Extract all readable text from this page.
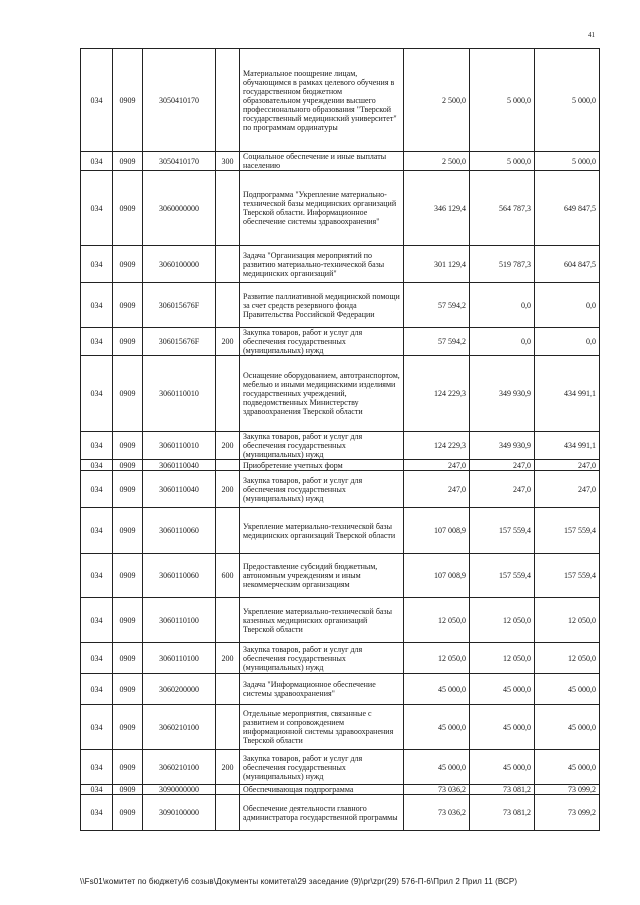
41
034	0909	3050410170		Материальное поощрение лицам, обучающимся в рамках целевого обучения в государственном бюджетном образовательном учреждении высшего профессионального образования "Тверской государственный медицинский университет" по программам ординатуры	2 500,0	5 000,0	5 000,0
034	0909	3050410170	300	Социальное обеспечение и иные выплаты населению	2 500,0	5 000,0	5 000,0
034	0909	3060000000		Подпрограмма "Укрепление материально-технической базы медицинских организаций Тверской области. Информационное обеспечение системы здравоохранения"	346 129,4	564 787,3	649 847,5
034	0909	3060100000		Задача "Организация мероприятий по развитию материально-технической базы медицинских организаций"	301 129,4	519 787,3	604 847,5
034	0909	306015676F		Развитие паллиативной медицинской помощи за счет средств резервного фонда Правительства Российской Федерации	57 594,2	0,0	0,0
034	0909	306015676F	200	Закупка товаров, работ и услуг для обеспечения государственных (муниципальных) нужд	57 594,2	0,0	0,0
034	0909	3060110010		Оснащение оборудованием, автотранспортом, мебелью и иными медицинскими изделиями государственных учреждений, подведомственных Министерству здравоохранения Тверской области	124 229,3	349 930,9	434 991,1
034	0909	3060110010	200	Закупка товаров, работ и услуг для обеспечения государственных (муниципальных) нужд	124 229,3	349 930,9	434 991,1
034	0909	3060110040		Приобретение учетных форм	247,0	247,0	247,0
034	0909	3060110040	200	Закупка товаров, работ и услуг для обеспечения государственных (муниципальных) нужд	247,0	247,0	247,0
034	0909	3060110060		Укрепление материально-технической базы медицинских организаций Тверской области	107 008,9	157 559,4	157 559,4
034	0909	3060110060	600	Предоставление субсидий бюджетным, автономным учреждениям и иным некоммерческим организациям	107 008,9	157 559,4	157 559,4
034	0909	3060110100		Укрепление материально-технической базы казенных медицинских организаций Тверской области	12 050,0	12 050,0	12 050,0
034	0909	3060110100	200	Закупка товаров, работ и услуг для обеспечения государственных (муниципальных) нужд	12 050,0	12 050,0	12 050,0
034	0909	3060200000		Задача "Информационное обеспечение системы здравоохранения"	45 000,0	45 000,0	45 000,0
034	0909	3060210100		Отдельные мероприятия, связанные с развитием и сопровождением информационной системы здравоохранения Тверской области	45 000,0	45 000,0	45 000,0
034	0909	3060210100	200	Закупка товаров, работ и услуг для обеспечения государственных (муниципальных) нужд	45 000,0	45 000,0	45 000,0
034	0909	3090000000		Обеспечивающая подпрограмма	73 036,2	73 081,2	73 099,2
034	0909	3090100000		Обеспечение деятельности главного администратора государственной программы	73 036,2	73 081,2	73 099,2
\\Fs01\комитет по бюджету\6 созыв\Документы комитета\29 заседание (9)\pr\zpr(29) 576-П-6\Прил 2 Прил 11 (ВСР)
